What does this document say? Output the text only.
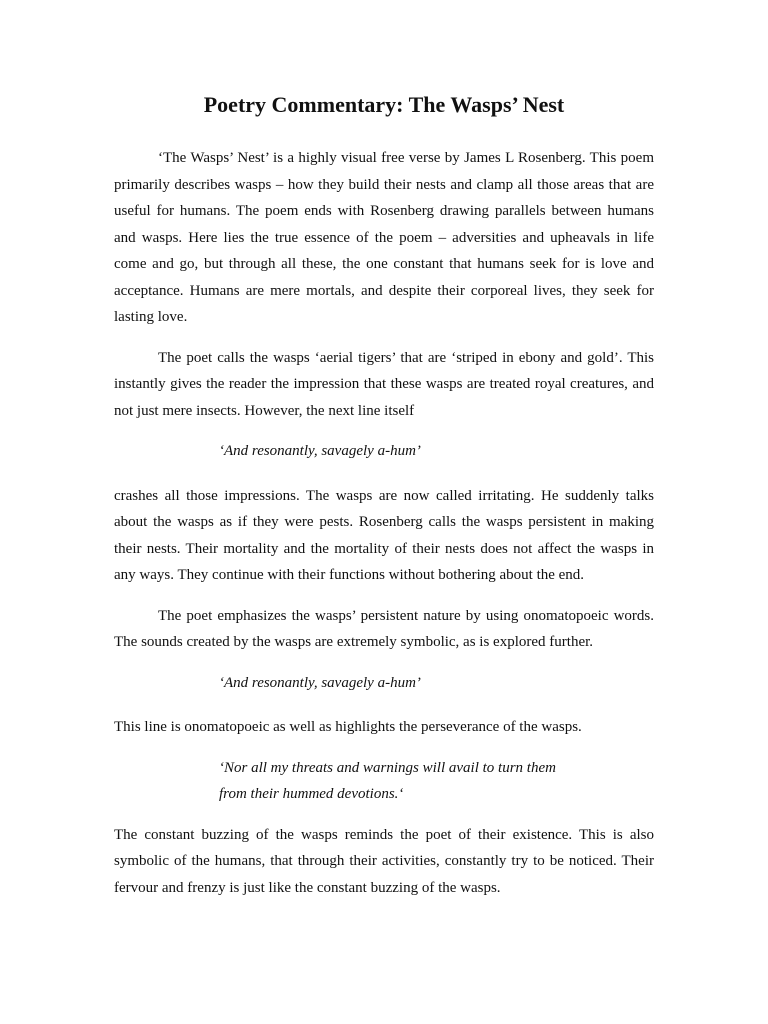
Poetry Commentary: The Wasps’ Nest

‘The Wasps’ Nest’ is a highly visual free verse by James L Rosenberg. This poem primarily describes wasps – how they build their nests and clamp all those areas that are useful for humans. The poem ends with Rosenberg drawing parallels between humans and wasps. Here lies the true essence of the poem – adversities and upheavals in life come and go, but through all these, the one constant that humans seek for is love and acceptance. Humans are mere mortals, and despite their corporeal lives, they seek for lasting love.

The poet calls the wasps ‘aerial tigers’ that are ‘striped in ebony and gold’. This instantly gives the reader the impression that these wasps are treated royal creatures, and not just mere insects. However, the next line itself

‘And resonantly, savagely a-hum’

crashes all those impressions. The wasps are now called irritating. He suddenly talks about the wasps as if they were pests. Rosenberg calls the wasps persistent in making their nests. Their mortality and the mortality of their nests does not affect the wasps in any ways. They continue with their functions without bothering about the end.

The poet emphasizes the wasps’ persistent nature by using onomatopoeic words. The sounds created by the wasps are extremely symbolic, as is explored further.

‘And resonantly, savagely a-hum’

This line is onomatopoeic as well as highlights the perseverance of the wasps.

‘Nor all my threats and warnings will avail to turn them
from their hummed devotions.‘

The constant buzzing of the wasps reminds the poet of their existence. This is also symbolic of the humans, that through their activities, constantly try to be noticed. Their fervour and frenzy is just like the constant buzzing of the wasps.
